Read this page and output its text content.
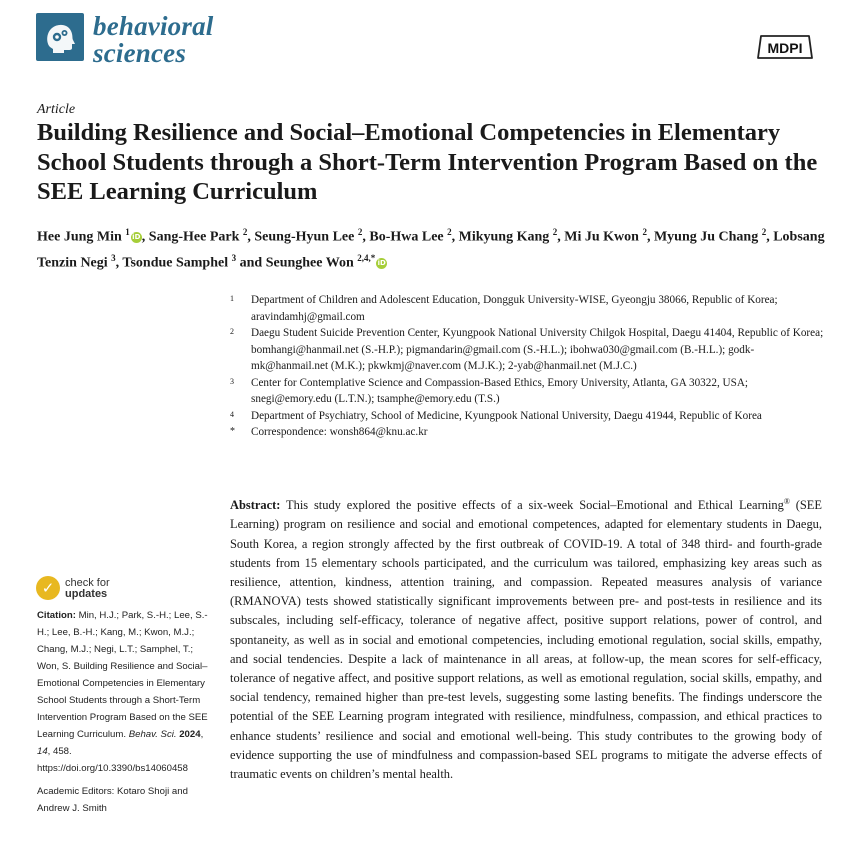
behavioral
sciences	MDPI
Article
Building Resilience and Social–Emotional Competencies in Elementary School Students through a Short-Term Intervention Program Based on the SEE Learning Curriculum
Hee Jung Min $^1$ iD, Sang-Hee Park $^2$, Seung-Hyun Lee $^2$, Bo-Hwa Lee $^2$, Mikyung Kang $^2$, Mi Ju Kwon $^2$, Myung Ju Chang $^2$, Lobsang Tenzin Negi $^3$, Tsondue Samphel $^3$ and Seunghee Won $^{2,4,*}$ iD
1 Department of Children and Adolescent Education, Dongguk University-WISE, Gyeongju 38066, Republic of Korea; aravindamhj@gmail.com
2 Daegu Student Suicide Prevention Center, Kyungpook National University Chilgok Hospital, Daegu 41404, Republic of Korea; bomhangi@hanmail.net (S.-H.P.); pigmandarin@gmail.com (S.-H.L.); ibohwa030@gmail.com (B.-H.L.); godk-mk@hanmail.net (M.K.); pkwkmj@naver.com (M.J.K.); 2-yab@hanmail.net (M.J.C.)
3 Center for Contemplative Science and Compassion-Based Ethics, Emory University, Atlanta, GA 30322, USA; snegi@emory.edu (L.T.N.); tsamphe@emory.edu (T.S.)
4 Department of Psychiatry, School of Medicine, Kyungpook National University, Daegu 41944, Republic of Korea
* Correspondence: wonsh864@knu.ac.kr

Abstract: This study explored the positive effects of a six-week Social–Emotional and Ethical Learning® (SEE Learning) program on resilience and social and emotional competences, adapted for elementary students in Daegu, South Korea, a region strongly affected by the first outbreak of COVID-19. A total of 348 third- and fourth-grade students from 15 elementary schools participated, and the curriculum was tailored, emphasizing key areas such as resilience, attention, kindness, attention training, and compassion. Repeated measures analysis of variance (RMANOVA) tests showed statistically significant improvements between pre- and post-tests in resilience and its subscales, including self-efficacy, tolerance of negative affect, positive support relations, power of control, and spontaneity, as well as in social and emotional competencies, including emotional regulation, social skills, empathy, and social tendencies. Despite a lack of maintenance in all areas, at follow-up, the mean scores for self-efficacy, tolerance of negative affect, and positive support relations, as well as emotional regulation, social skills, empathy, and social tendency, remained higher than pre-test levels, suggesting some lasting benefits. The findings underscore the potential of the SEE Learning program integrated with resilience, mindfulness, compassion, and ethical practices to enhance students’ resilience and social and emotional well-being. This study contributes to the growing body of evidence supporting the use of mindfulness and compassion-based SEL programs to mitigate the adverse effects of traumatic events on children’s mental health.

✓ check for
updates

Citation: Min, H.J.; Park, S.-H.; Lee, S.-H.; Lee, B.-H.; Kang, M.; Kwon, M.J.; Chang, M.J.; Negi, L.T.; Samphel, T.; Won, S. Building Resilience and Social–Emotional Competencies in Elementary School Students through a Short-Term Intervention Program Based on the SEE Learning Curriculum. Behav. Sci. 2024, 14, 458. https://doi.org/10.3390/bs14060458

Academic Editors: Kotaro Shoji and Andrew J. Smith
